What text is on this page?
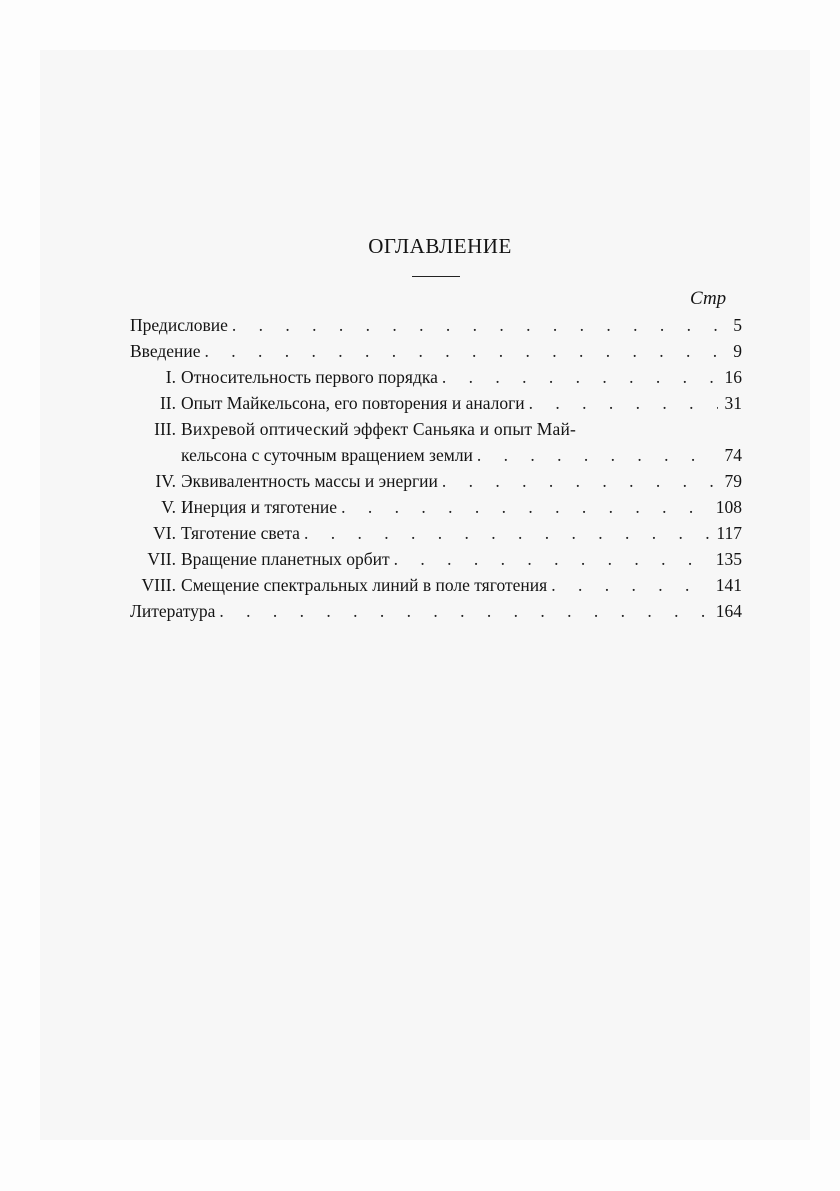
ОГЛАВЛЕНИЕ
Стр
Предисловие . . .	5
Введение . . .	9
I. Относительность первого порядка . . .	16
II. Опыт Майкельсона, его повторения и аналоги . . .	31
III. Вихревой оптический эффект Саньяка и опыт Май-
кельсона с суточным вращением земли . . .	74
IV. Эквивалентность массы и энергии . . .	79
V. Инерция и тяготение . . .	108
VI. Тяготение света . . .	117
VII. Вращение планетных орбит . . .	135
VIII. Смещение спектральных линий в поле тяготения . . .	141
Литература . . .	164
